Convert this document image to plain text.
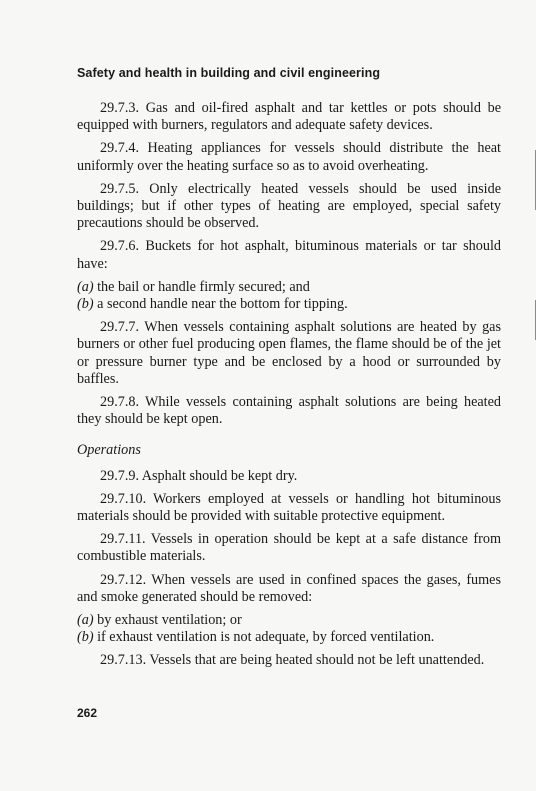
Safety and health in building and civil engineering

29.7.3. Gas and oil-fired asphalt and tar kettles or pots should be equipped with burners, regulators and adequate safety devices.

29.7.4. Heating appliances for vessels should distribute the heat uniformly over the heating surface so as to avoid overheating.

29.7.5. Only electrically heated vessels should be used inside buildings; but if other types of heating are employed, special safety precautions should be observed.

29.7.6. Buckets for hot asphalt, bituminous materials or tar should have:

(a) the bail or handle firmly secured; and

(b) a second handle near the bottom for tipping.

29.7.7. When vessels containing asphalt solutions are heated by gas burners or other fuel producing open flames, the flame should be of the jet or pressure burner type and be enclosed by a hood or surrounded by baffles.

29.7.8. While vessels containing asphalt solutions are being heated they should be kept open.

Operations

29.7.9. Asphalt should be kept dry.

29.7.10. Workers employed at vessels or handling hot bituminous materials should be provided with suitable protective equipment.

29.7.11. Vessels in operation should be kept at a safe distance from combustible materials.

29.7.12. When vessels are used in confined spaces the gases, fumes and smoke generated should be removed:

(a) by exhaust ventilation; or

(b) if exhaust ventilation is not adequate, by forced ventilation.

29.7.13. Vessels that are being heated should not be left unattended.

262
